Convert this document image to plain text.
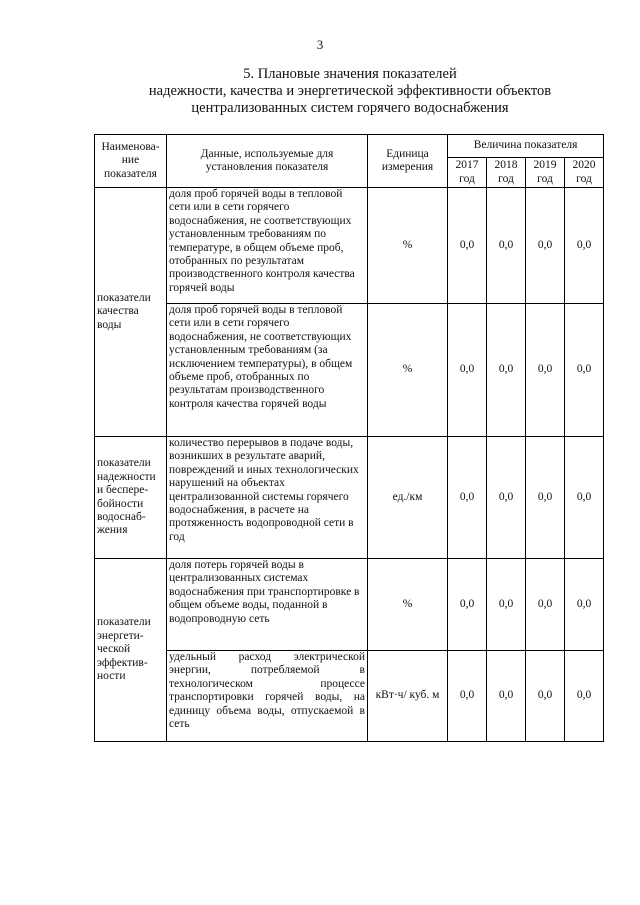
3
5. Плановые значения показателей
надежности, качества и энергетической эффективности объектов
централизованных систем горячего водоснабжения
Наименова-ние показателя	Данные, используемые для установления показателя	Единица измерения	Величина показателя			
			2017 год	2018 год	2019 год	2020 год
показатели качества воды	доля проб горячей воды в тепловой сети или в сети горячего водоснабжения, не соответствующих установленным требованиям по температуре, в общем объеме проб, отобранных по результатам производственного контроля качества горячей воды	%	0,0	0,0	0,0	0,0
	доля проб горячей воды в тепловой сети или в сети горячего водоснабжения, не соответствующих установленным требованиям (за исключением температуры), в общем объеме проб, отобранных по результатам производственного контроля качества горячей воды	%	0,0	0,0	0,0	0,0
показатели надежности и беспере-бойности водоснаб-жения	количество перерывов в подаче воды, возникших в результате аварий, повреждений и иных технологических нарушений на объектах централизованной системы горячего водоснабжения, в расчете на протяженность водопроводной сети в год	ед./км	0,0	0,0	0,0	0,0
показатели энергети-ческой эффектив-ности	доля потерь горячей воды в централизованных системах водоснабжения при транспортировке в общем объеме воды, поданной в водопроводную сеть	%	0,0	0,0	0,0	0,0
	удельный расход электрической энергии, потребляемой в технологическом процессе транспортировки горячей воды, на единицу объема воды, отпускаемой в сеть	кВт·ч/ куб. м	0,0	0,0	0,0	0,0
